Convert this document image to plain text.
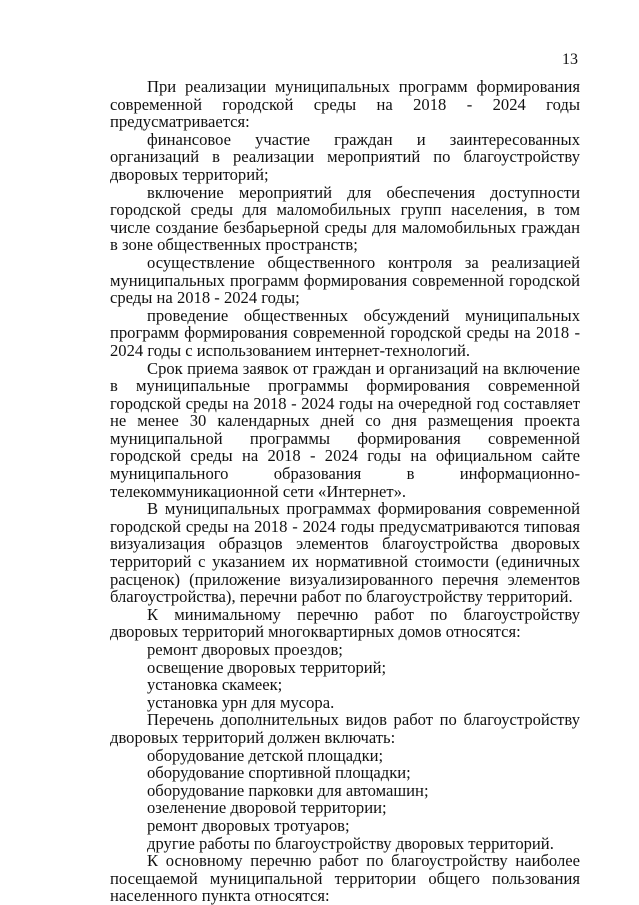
13

При реализации муниципальных программ формирования современной городской среды на 2018 - 2024 годы предусматривается:

финансовое участие граждан и заинтересованных организаций в реализации мероприятий по благоустройству дворовых территорий;

включение мероприятий для обеспечения доступности городской среды для маломобильных групп населения, в том числе создание безбарьерной среды для маломобильных граждан в зоне общественных пространств;

осуществление общественного контроля за реализацией муниципальных программ формирования современной городской среды на 2018 - 2024 годы;

проведение общественных обсуждений муниципальных программ формирования современной городской среды на 2018 - 2024 годы с использованием интернет-технологий.

Срок приема заявок от граждан и организаций на включение в муниципальные программы формирования современной городской среды на 2018 - 2024 годы на очередной год составляет не менее 30 календарных дней со дня размещения проекта муниципальной программы формирования современной городской среды на 2018 - 2024 годы на официальном сайте муниципального образования в информационно-телекоммуникационной сети «Интернет».

В муниципальных программах формирования современной городской среды на 2018 - 2024 годы предусматриваются типовая визуализация образцов элементов благоустройства дворовых территорий с указанием их нормативной стоимости (единичных расценок) (приложение визуализированного перечня элементов благоустройства), перечни работ по благоустройству территорий.

К минимальному перечню работ по благоустройству дворовых территорий многоквартирных домов относятся:

ремонт дворовых проездов;

освещение дворовых территорий;

установка скамеек;

установка урн для мусора.

Перечень дополнительных видов работ по благоустройству дворовых территорий должен включать:

оборудование детской площадки;

оборудование спортивной площадки;

оборудование парковки для автомашин;

озеленение дворовой территории;

ремонт дворовых тротуаров;

другие работы по благоустройству дворовых территорий.

К основному перечню работ по благоустройству наиболее посещаемой муниципальной территории общего пользования населенного пункта относятся:
